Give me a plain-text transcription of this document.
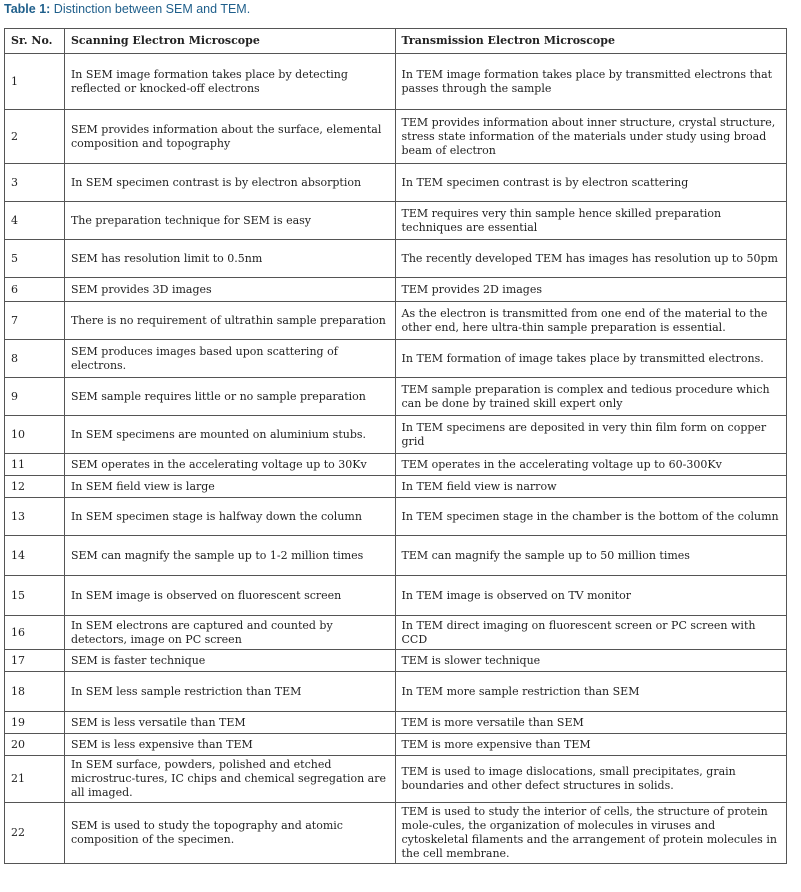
Table 1: Distinction between SEM and TEM.
Sr. No.	Scanning Electron Microscope	Transmission Electron Microscope
1	In SEM image formation takes place by detecting reflected or knocked-off electrons	In TEM image formation takes place by transmitted electrons that passes through the sample
2	SEM provides information about the surface, elemental composition and topography	TEM provides information about inner structure, crystal structure, stress state information of the materials under study using broad beam of electron
3	In SEM specimen contrast is by electron absorption	In TEM specimen contrast is by electron scattering
4	The preparation technique for SEM is easy	TEM requires very thin sample hence skilled preparation techniques are essential
5	SEM has resolution limit to 0.5nm	The recently developed TEM has images has resolution up to 50pm
6	SEM provides 3D images	TEM provides 2D images
7	There is no requirement of ultrathin sample preparation	As the electron is transmitted from one end of the material to the other end, here ultra-thin sample preparation is essential.
8	SEM produces images based upon scattering of electrons.	In TEM formation of image takes place by transmitted electrons.
9	SEM sample requires little or no sample preparation	TEM sample preparation is complex and tedious procedure which can be done by trained skill expert only
10	In SEM specimens are mounted on aluminium stubs.	In TEM specimens are deposited in very thin film form on copper grid
11	SEM operates in the accelerating voltage up to 30Kv	TEM operates in the accelerating voltage up to 60-300Kv
12	In SEM field view is large	In TEM field view is narrow
13	In SEM specimen stage is halfway down the column	In TEM specimen stage in the chamber is the bottom of the column
14	SEM can magnify the sample up to 1-2 million times	TEM can magnify the sample up to 50 million times
15	In SEM image is observed on fluorescent screen	In TEM image is observed on TV monitor
16	In SEM electrons are captured and counted by detectors, image on PC screen	In TEM direct imaging on fluorescent screen or PC screen with CCD
17	SEM is faster technique	TEM is slower technique
18	In SEM less sample restriction than TEM	In TEM more sample restriction than SEM
19	SEM is less versatile than TEM	TEM is more versatile than SEM
20	SEM is less expensive than TEM	TEM is more expensive than TEM
21	In SEM surface, powders, polished and etched microstruc-tures, IC chips and chemical segregation are all imaged.	TEM is used to image dislocations, small precipitates, grain boundaries and other defect structures in solids.
22	SEM is used to study the topography and atomic composition of the specimen.	TEM is used to study the interior of cells, the structure of protein mole-cules, the organization of molecules in viruses and cytoskeletal filaments and the arrangement of protein molecules in the cell membrane.
